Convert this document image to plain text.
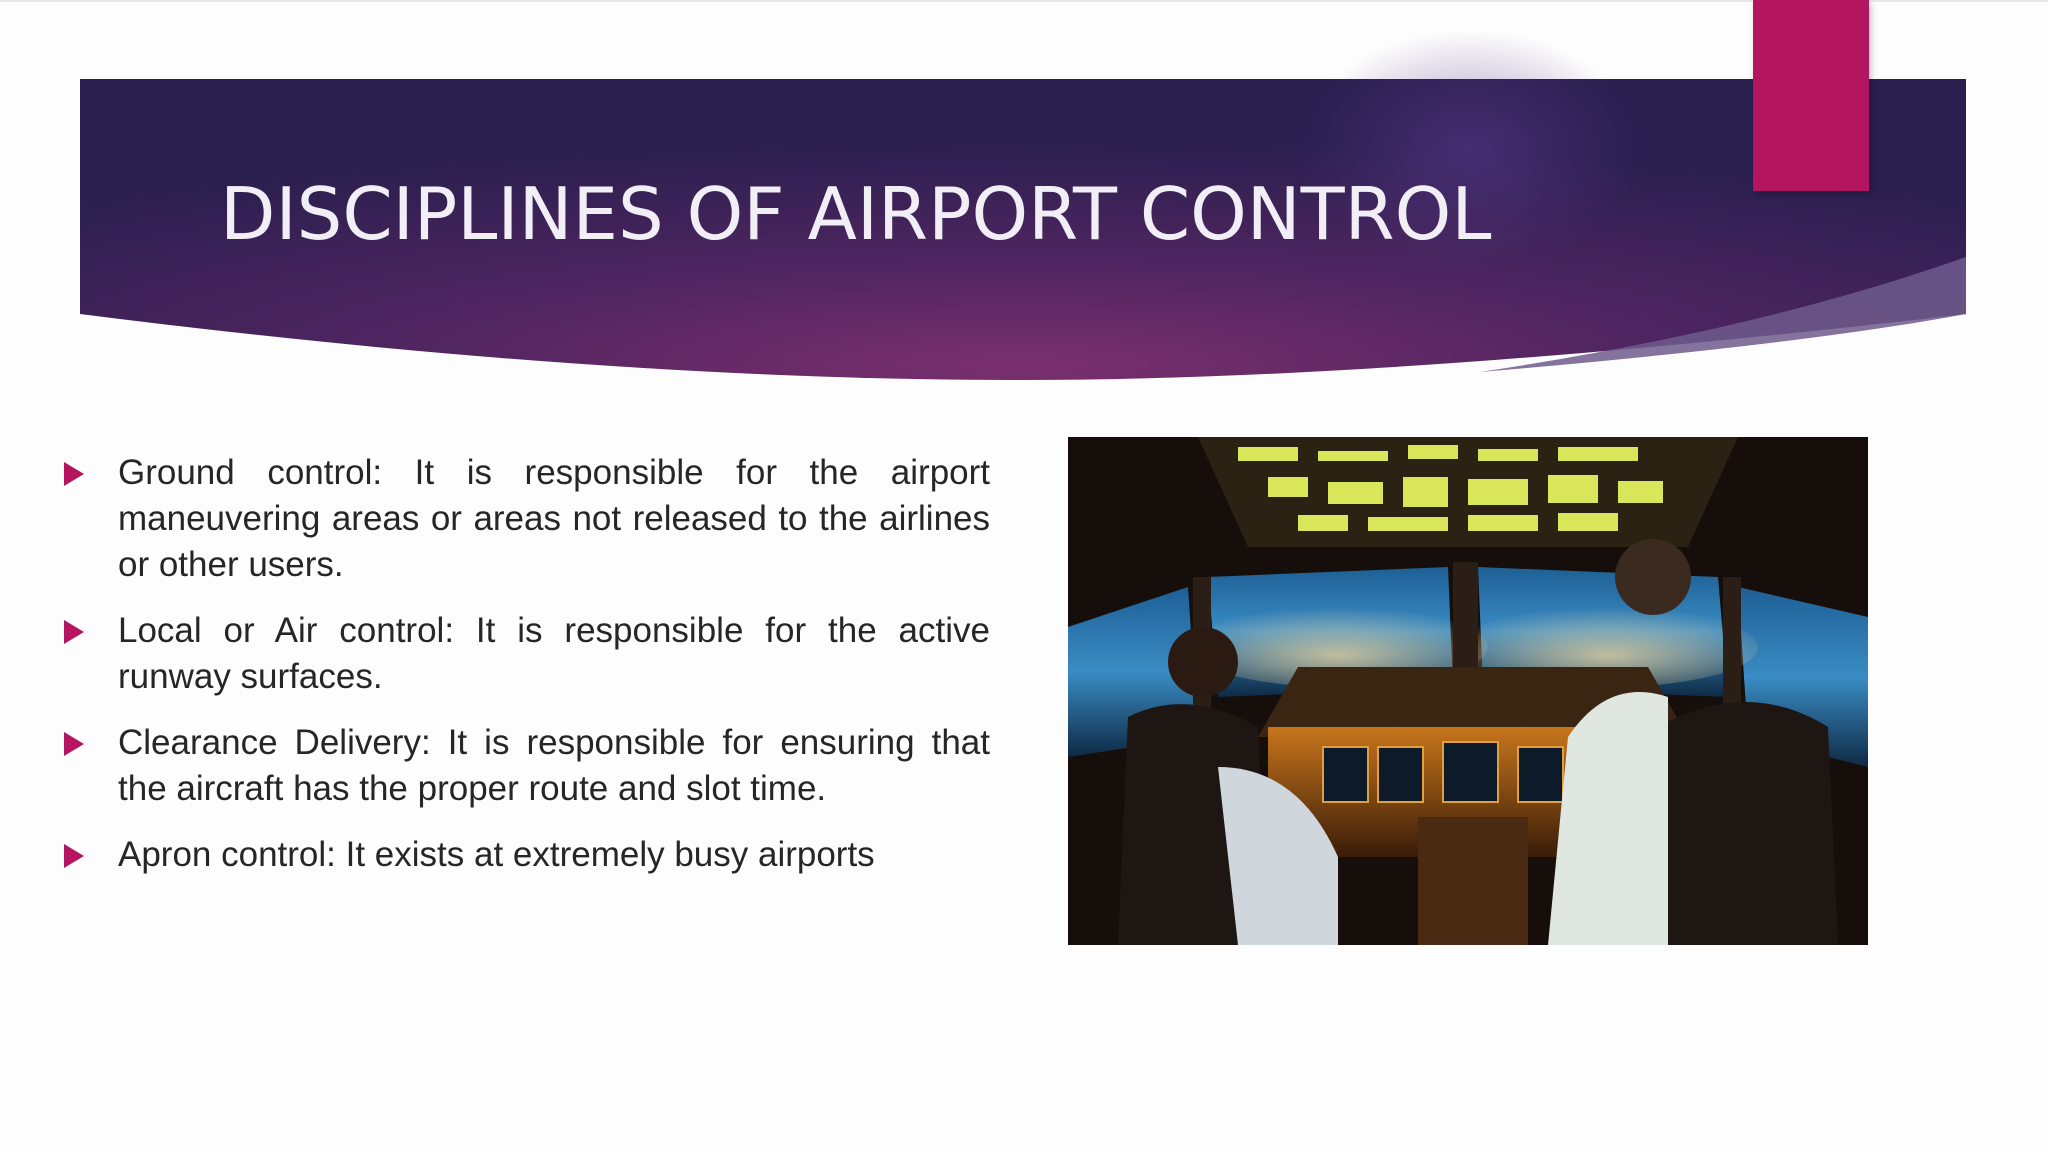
DISCIPLINES OF AIRPORT CONTROL
Ground control: It is responsible for the airport maneuvering areas or areas not released to the airlines or other users.
Local or Air control: It is responsible for the active runway surfaces.
Clearance Delivery: It is responsible for ensuring that the aircraft has the proper route and slot time.
Apron control: It exists at extremely busy airports
